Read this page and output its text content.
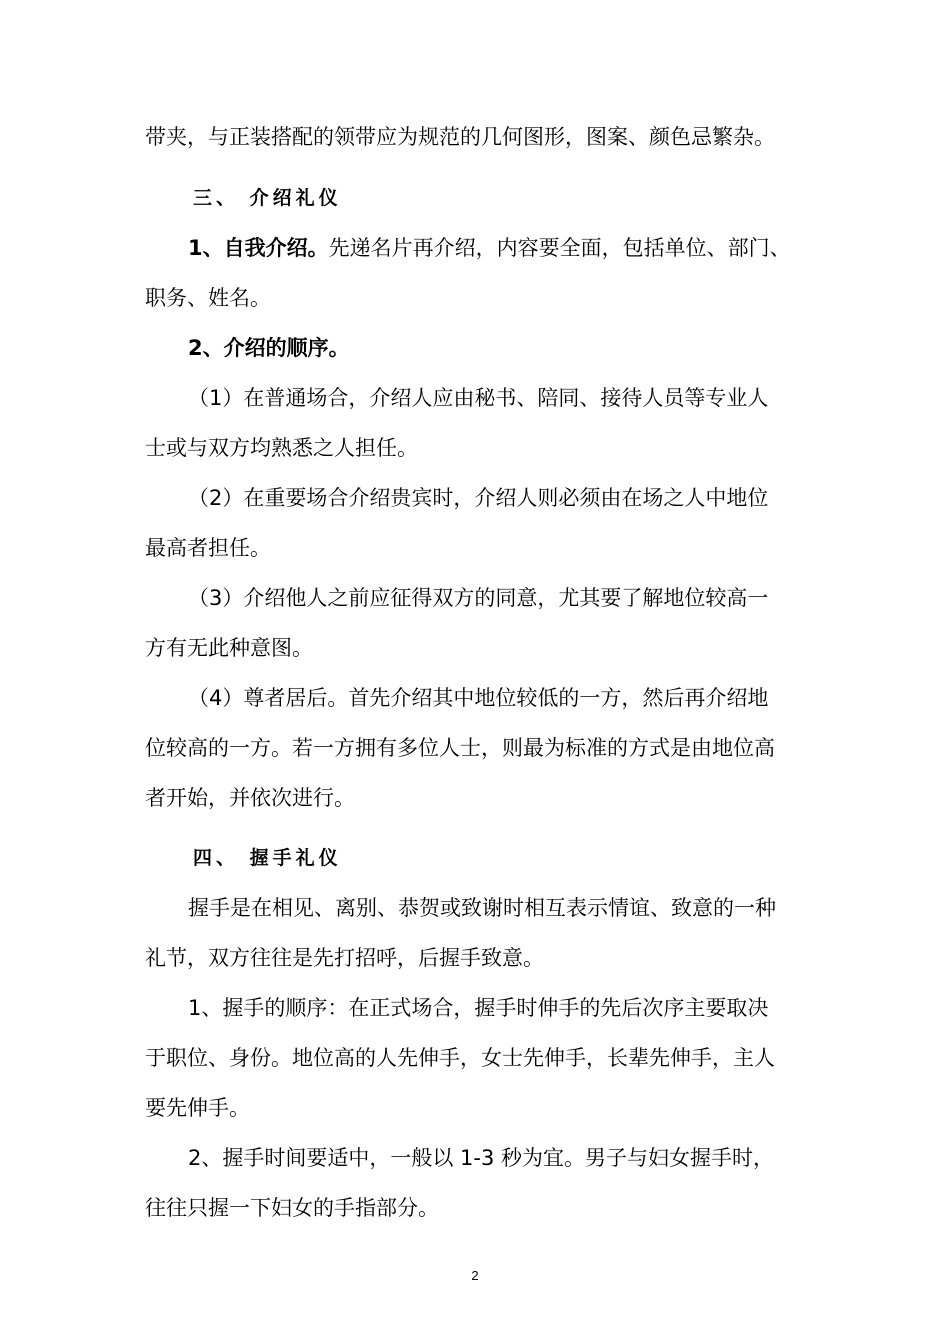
带夹，与正装搭配的领带应为规范的几何图形，图案、颜色忌繁杂。
三、 介绍礼仪
1、自我介绍。先递名片再介绍，内容要全面，包括单位、部门、
职务、姓名。
2、介绍的顺序。
（1）在普通场合，介绍人应由秘书、陪同、接待人员等专业人
士或与双方均熟悉之人担任。
（2）在重要场合介绍贵宾时，介绍人则必须由在场之人中地位
最高者担任。
（3）介绍他人之前应征得双方的同意，尤其要了解地位较高一
方有无此种意图。
（4）尊者居后。首先介绍其中地位较低的一方，然后再介绍地
位较高的一方。若一方拥有多位人士，则最为标准的方式是由地位高
者开始，并依次进行。
四、 握手礼仪
握手是在相见、离别、恭贺或致谢时相互表示情谊、致意的一种
礼节，双方往往是先打招呼，后握手致意。
1、握手的顺序：在正式场合，握手时伸手的先后次序主要取决
于职位、身份。地位高的人先伸手，女士先伸手，长辈先伸手，主人
要先伸手。
2、握手时间要适中，一般以 1-3 秒为宜。男子与妇女握手时，
往往只握一下妇女的手指部分。
2
